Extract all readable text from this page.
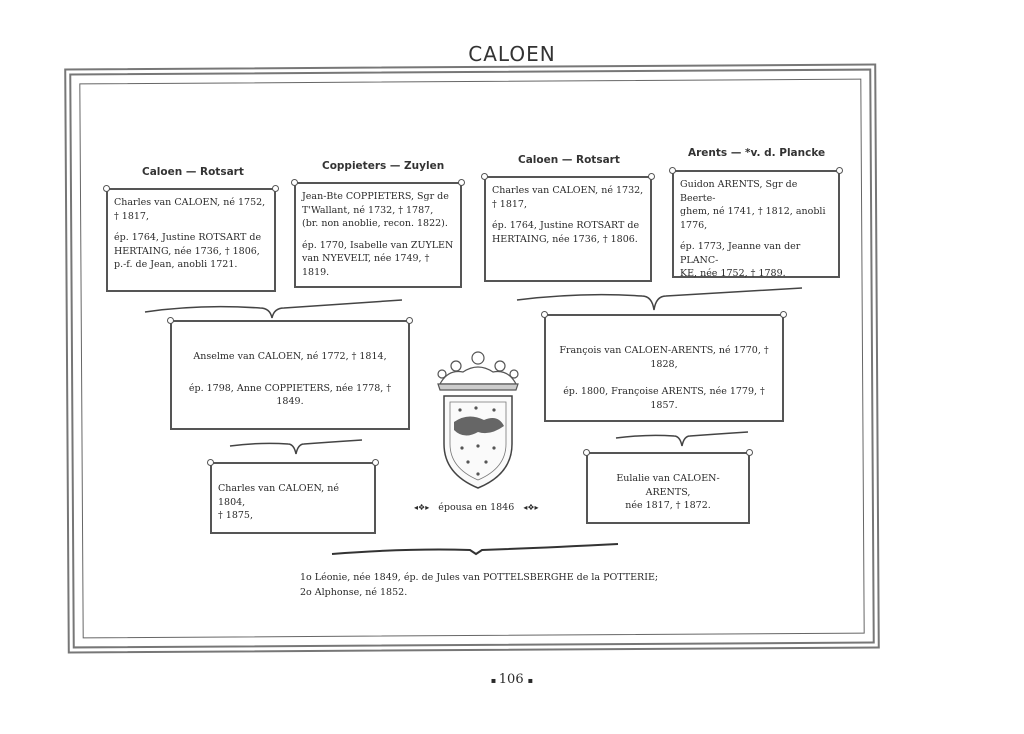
CALOEN
Caloen — Rotsart	Coppieters — Zuylen	Caloen — Rotsart
Arents — *v. d. Plancke
Charles van CALOEN, né 1752,
† 1817,
ép. 1764, Justine ROTSART de
HERTAING, née 1736, † 1806,
p.-f. de Jean, anobli 1721.
Jean-Bte COPPIETERS, Sgr de
T'Wallant, né 1732, † 1787,
(br. non anoblie, recon. 1822).
ép. 1770, Isabelle van ZUYLEN
van NYEVELT, née 1749, † 1819.
Charles van CALOEN, né 1732,
† 1817,
ép. 1764, Justine ROTSART de
HERTAING, née 1736, † 1806.
Guidon ARENTS, Sgr de Beerte-
ghem, né 1741, † 1812, anobli
1776,
ép. 1773, Jeanne van der PLANC-
KE, née 1752, † 1789.
Anselme van CALOEN, né 1772, † 1814,
ép. 1798, Anne COPPIETERS, née 1778, † 1849.
François van CALOEN-ARENTS, né 1770, † 1828,
ép. 1800, Françoise ARENTS, née 1779, † 1857.
Charles van CALOEN, né 1804,
† 1875,
Eulalie van CALOEN-ARENTS,
née 1817, † 1872.
◂❖▸ épousa en 1846 ◂❖▸
1o Léonie, née 1849, ép. de Jules van POTTELSBERGHE de la POTTERIE;
2o Alphonse, né 1852.
▪︎ 106 ▪︎
